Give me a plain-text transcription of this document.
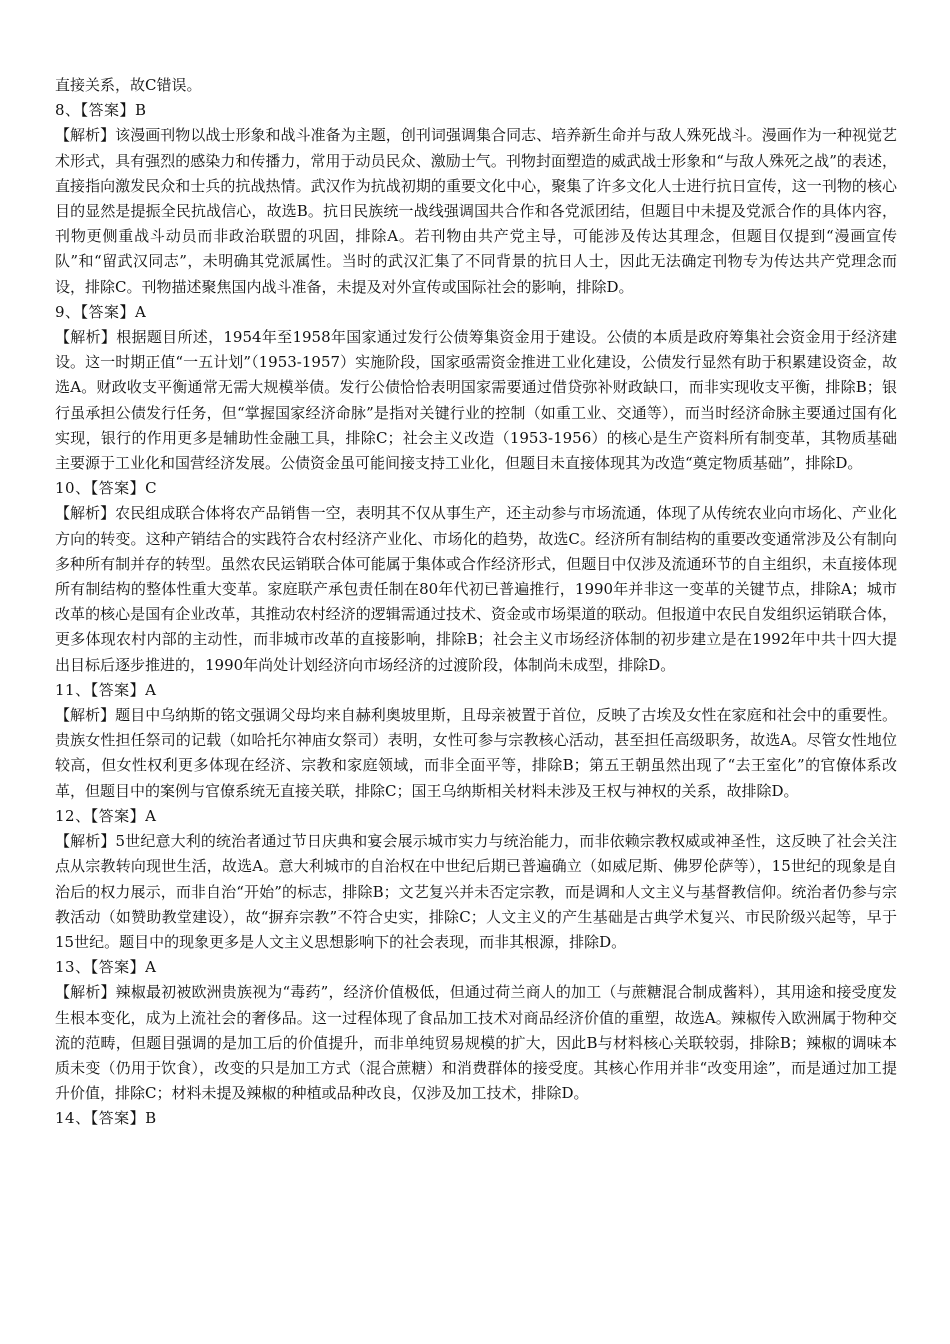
直接关系，故C错误。

8、【答案】B

【解析】该漫画刊物以战士形象和战斗准备为主题，创刊词强调集合同志、培养新生命并与敌人殊死战斗。漫画作为一种视觉艺术形式，具有强烈的感染力和传播力，常用于动员民众、激励士气。刊物封面塑造的威武战士形象和“与敌人殊死之战”的表述，直接指向激发民众和士兵的抗战热情。武汉作为抗战初期的重要文化中心，聚集了许多文化人士进行抗日宣传，这一刊物的核心目的显然是提振全民抗战信心，故选B。抗日民族统一战线强调国共合作和各党派团结，但题目中未提及党派合作的具体内容，刊物更侧重战斗动员而非政治联盟的巩固，排除A。若刊物由共产党主导，可能涉及传达其理念，但题目仅提到“漫画宣传队”和“留武汉同志”，未明确其党派属性。当时的武汉汇集了不同背景的抗日人士，因此无法确定刊物专为传达共产党理念而设，排除C。刊物描述聚焦国内战斗准备，未提及对外宣传或国际社会的影响，排除D。

9、【答案】A

【解析】根据题目所述，1954年至1958年国家通过发行公债筹集资金用于建设。公债的本质是政府筹集社会资金用于经济建设。这一时期正值“一五计划”（1953-1957）实施阶段，国家亟需资金推进工业化建设，公债发行显然有助于积累建设资金，故选A。财政收支平衡通常无需大规模举债。发行公债恰恰表明国家需要通过借贷弥补财政缺口，而非实现收支平衡，排除B；银行虽承担公债发行任务，但“掌握国家经济命脉”是指对关键行业的控制（如重工业、交通等），而当时经济命脉主要通过国有化实现，银行的作用更多是辅助性金融工具，排除C；社会主义改造（1953-1956）的核心是生产资料所有制变革，其物质基础主要源于工业化和国营经济发展。公债资金虽可能间接支持工业化，但题目未直接体现其为改造“奠定物质基础”，排除D。

10、【答案】C

【解析】农民组成联合体将农产品销售一空，表明其不仅从事生产，还主动参与市场流通，体现了从传统农业向市场化、产业化方向的转变。这种产销结合的实践符合农村经济产业化、市场化的趋势，故选C。经济所有制结构的重要改变通常涉及公有制向多种所有制并存的转型。虽然农民运销联合体可能属于集体或合作经济形式，但题目中仅涉及流通环节的自主组织，未直接体现所有制结构的整体性重大变革。家庭联产承包责任制在80年代初已普遍推行，1990年并非这一变革的关键节点，排除A；城市改革的核心是国有企业改革，其推动农村经济的逻辑需通过技术、资金或市场渠道的联动。但报道中农民自发组织运销联合体，更多体现农村内部的主动性，而非城市改革的直接影响，排除B；社会主义市场经济体制的初步建立是在1992年中共十四大提出目标后逐步推进的，1990年尚处计划经济向市场经济的过渡阶段，体制尚未成型，排除D。

11、【答案】A

【解析】题目中乌纳斯的铭文强调父母均来自赫利奥坡里斯，且母亲被置于首位，反映了古埃及女性在家庭和社会中的重要性。贵族女性担任祭司的记载（如哈托尔神庙女祭司）表明，女性可参与宗教核心活动，甚至担任高级职务，故选A。尽管女性地位较高，但女性权利更多体现在经济、宗教和家庭领域，而非全面平等，排除B；第五王朝虽然出现了“去王室化”的官僚体系改革，但题目中的案例与官僚系统无直接关联，排除C；国王乌纳斯相关材料未涉及王权与神权的关系，故排除D。

12、【答案】A

【解析】5世纪意大利的统治者通过节日庆典和宴会展示城市实力与统治能力，而非依赖宗教权威或神圣性，这反映了社会关注点从宗教转向现世生活，故选A。意大利城市的自治权在中世纪后期已普遍确立（如威尼斯、佛罗伦萨等），15世纪的现象是自治后的权力展示，而非自治“开始”的标志，排除B；文艺复兴并未否定宗教，而是调和人文主义与基督教信仰。统治者仍参与宗教活动（如赞助教堂建设），故“摒弃宗教”不符合史实，排除C；人文主义的产生基础是古典学术复兴、市民阶级兴起等，早于15世纪。题目中的现象更多是人文主义思想影响下的社会表现，而非其根源，排除D。

13、【答案】A

【解析】辣椒最初被欧洲贵族视为“毒药”，经济价值极低，但通过荷兰商人的加工（与蔗糖混合制成酱料），其用途和接受度发生根本变化，成为上流社会的奢侈品。这一过程体现了食品加工技术对商品经济价值的重塑，故选A。辣椒传入欧洲属于物种交流的范畴，但题目强调的是加工后的价值提升，而非单纯贸易规模的扩大，因此B与材料核心关联较弱，排除B；辣椒的调味本质未变（仍用于饮食），改变的只是加工方式（混合蔗糖）和消费群体的接受度。其核心作用并非“改变用途”，而是通过加工提升价值，排除C；材料未提及辣椒的种植或品种改良，仅涉及加工技术，排除D。

14、【答案】B
